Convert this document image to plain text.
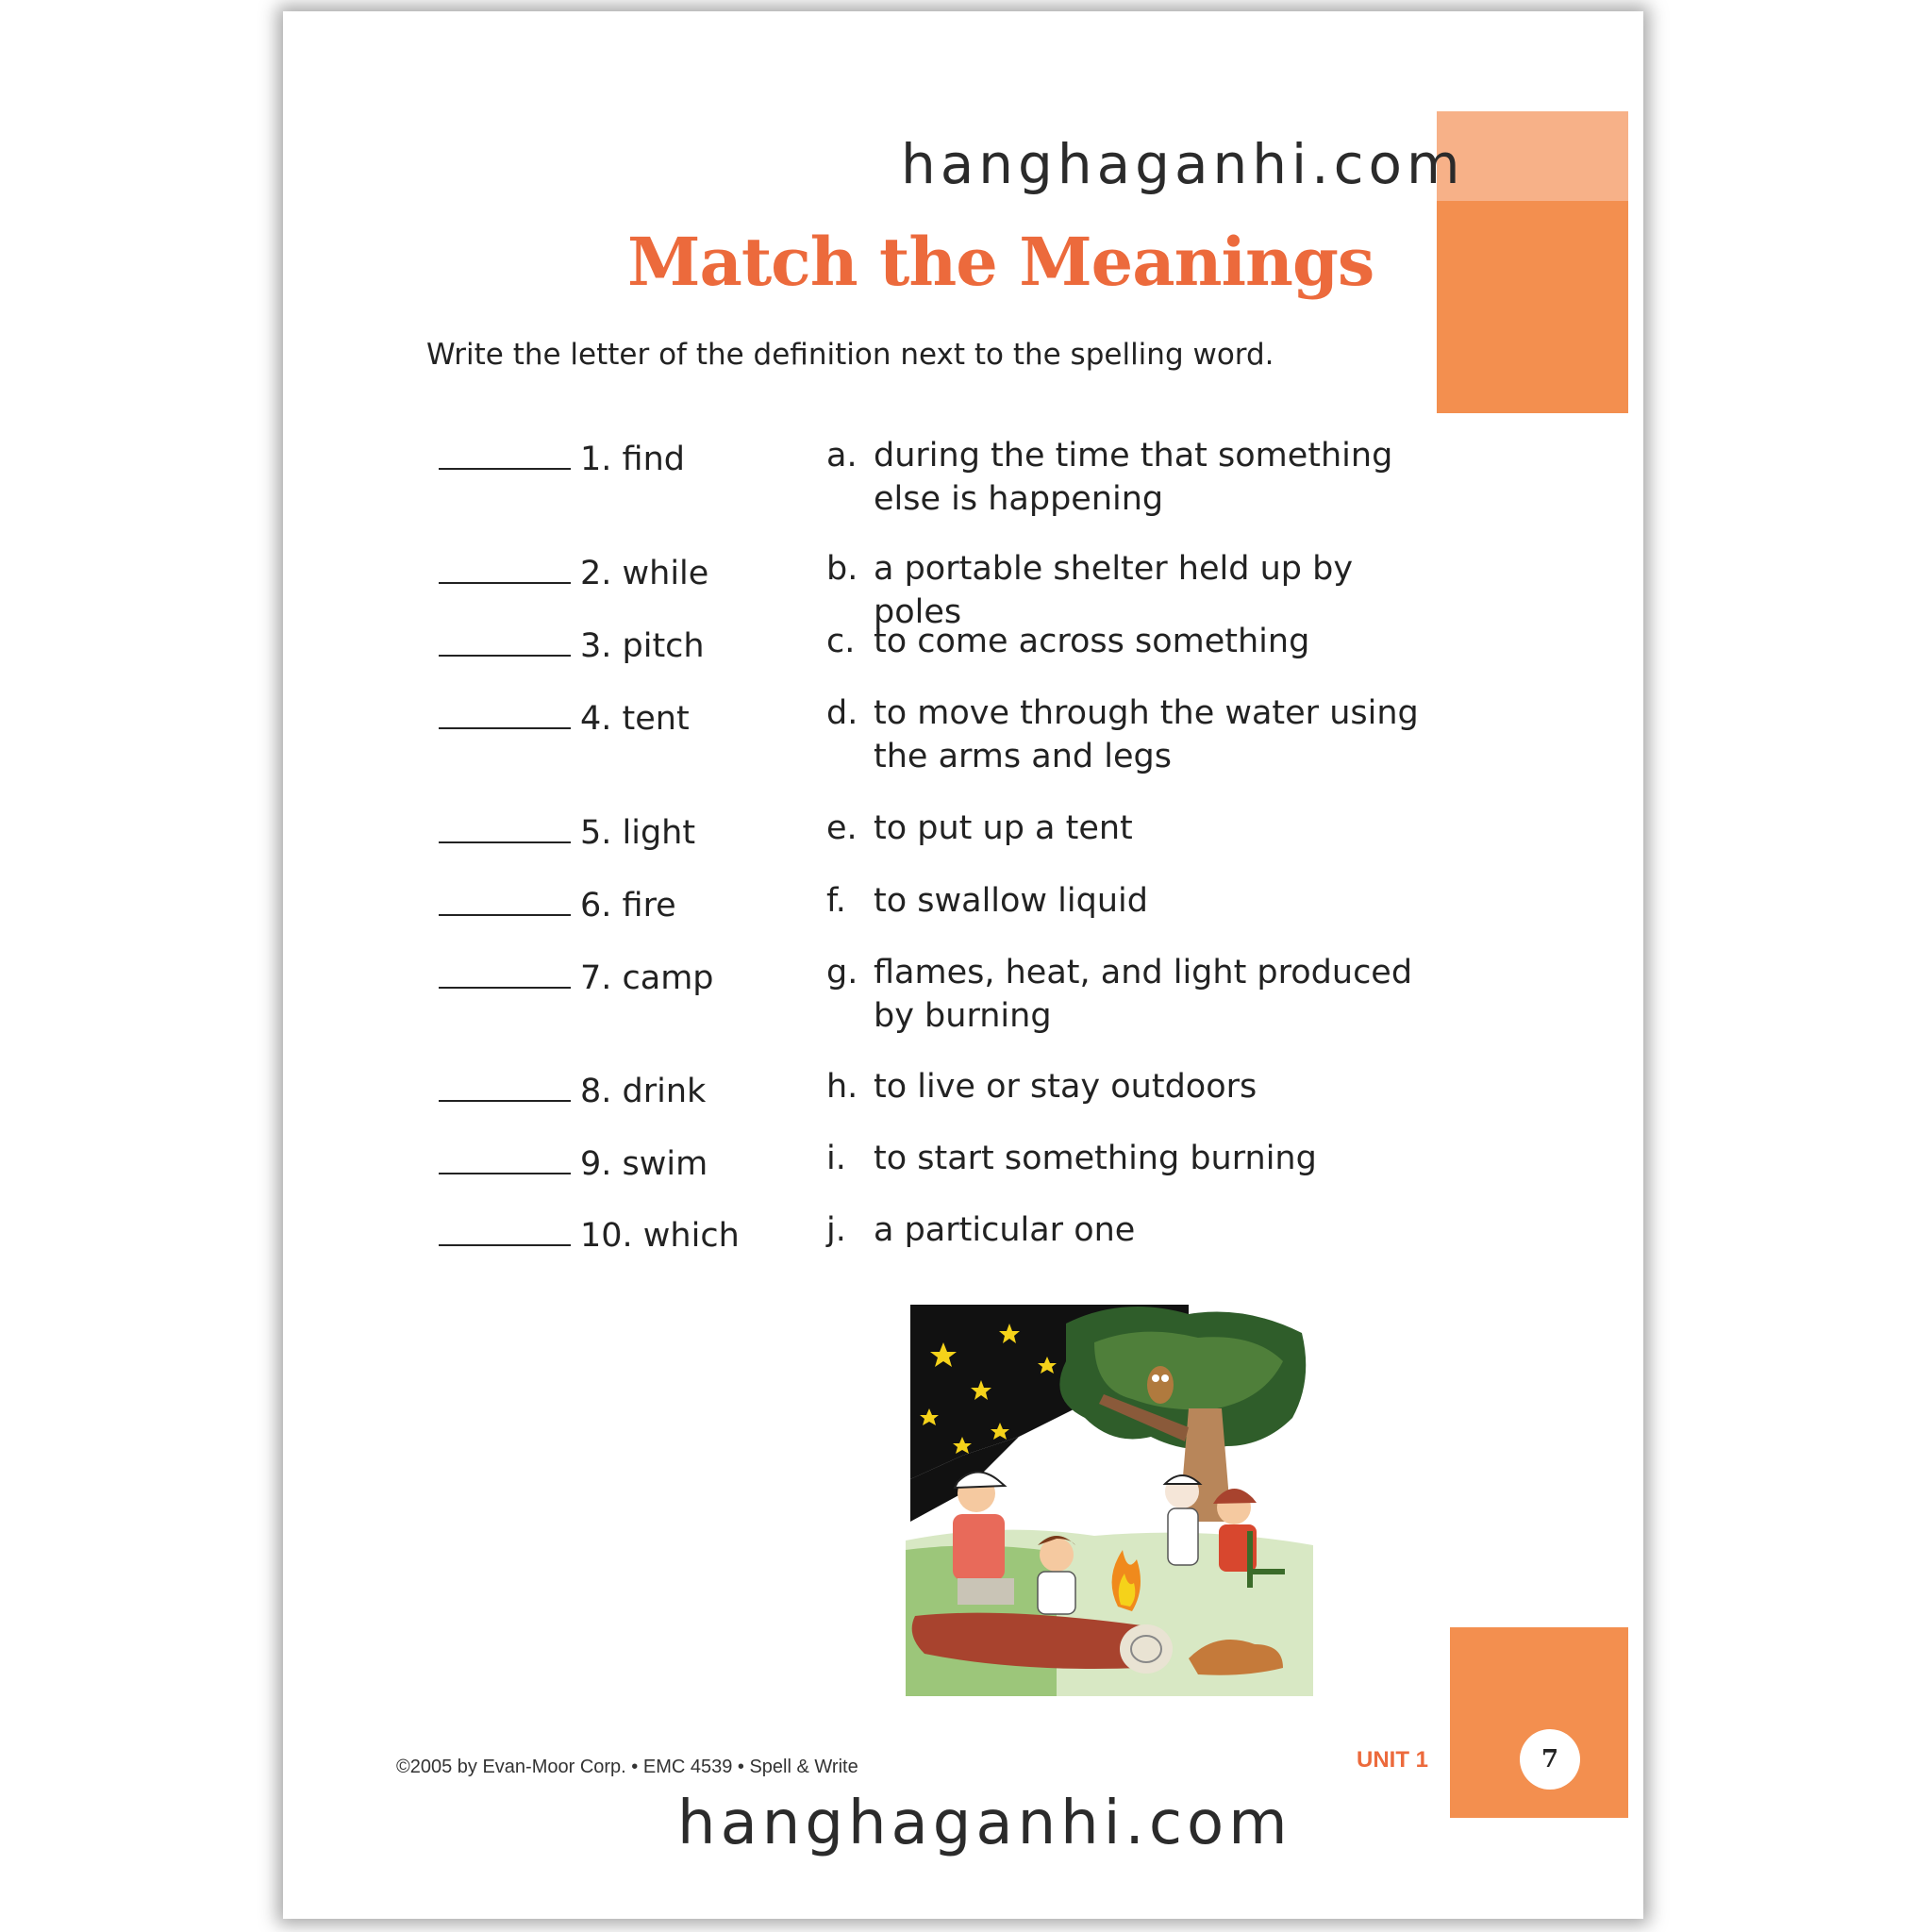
Skills:
Matching
Words
with Their
Meanings
hanghaganhi.com
Match the Meanings
Write the letter of the definition next to the spelling word.
1. find
2. while
3. pitch
4. tent
5. light
6. fire
7. camp
8. drink
9. swim
10. which
a. during the time that something else is happening
b. a portable shelter held up by poles
c. to come across something
d. to move through the water using the arms and legs
e. to put up a tent
f. to swallow liquid
g. flames, heat, and light produced by burning
h. to live or stay outdoors
i. to start something burning
j. a particular one
©2005 by Evan-Moor Corp. • EMC 4539 • Spell & Write	UNIT 1	7
hanghaganhi.com
